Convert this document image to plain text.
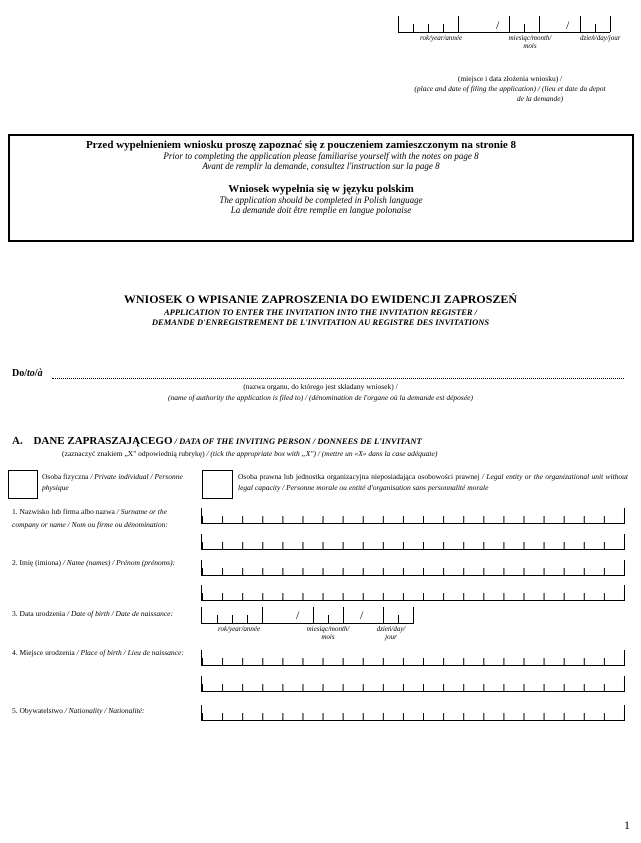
/	/
rok/year/année	miesiąc/month/ mois
dzień/day/jour
(miejsce i data złożenia wniosku) /
(place and date of filing the application) / (lieu et date du depot
de la demande)
Przed wypełnieniem wniosku proszę zapoznać się z pouczeniem zamieszczonym na stronie 8
Prior to completing the application please familiarise yourself with the notes on page 8
Avant de remplir la demande, consultez l'instruction sur la page 8
Wniosek wypełnia się w języku polskim
The application should be completed in Polish language
La demande doit être remplie en langue polonaise
WNIOSEK O WPISANIE ZAPROSZENIA DO EWIDENCJI ZAPROSZEŃ
APPLICATION TO ENTER THE INVITATION INTO THE INVITATION REGISTER /
DEMANDE D'ENREGISTREMENT DE L'INVITATION AU REGISTRE DES INVITATIONS
Do/to/à
(nazwa organu, do którego jest składany wniosek) /
(name of authority the application is filed to) / (dénomination de l'organe où la demande est déposée)
A. DANE ZAPRASZAJĄCEGO / DATA OF THE INVITING PERSON / DONNEES DE L'INVITANT
(zaznaczyć znakiem „X" odpowiednią rubrykę) / (tick the appropriate box with „X") / (mettre un «X» dans la case adéquate)
Osoba fizyczna / Private individual / Personne physique
Osoba prawna lub jednostka organizacyjna nieposiadająca osobowości prawnej / Legal entity or the organizational unit without legal capacity / Personne morale ou entité d'organisation sans personnalité morale
1. Nazwisko lub firma albo nazwa / Surname or the company or name / Nom ou firme ou dénomination:
2. Imię (imiona) / Name (names) / Prénom (prénoms):
3. Data urodzenia / Date of birth / Date de naissance:	/	/
rok/year/année	miesiąc/month/ mois
dzień/day/ jour
4. Miejsce urodzenia / Place of birth / Lieu de naissance:
5. Obywatelstwo / Nationality / Nationalité:
1
